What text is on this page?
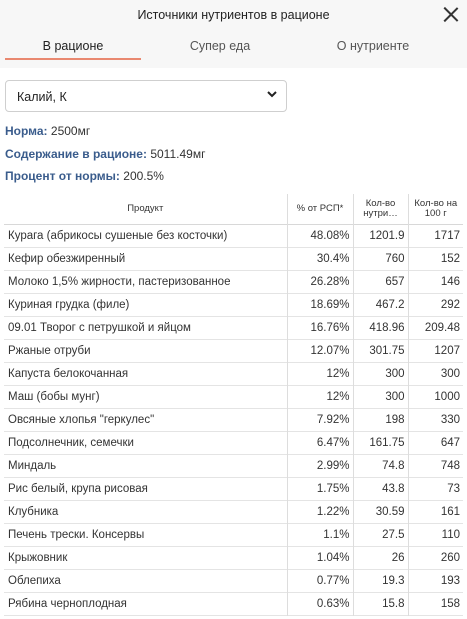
Источники нутриентов в рационе
В рационе	Супер еда	О нутриенте
Калий, К
Норма: 2500мг
Содержание в рационе: 5011.49мг
Процент от нормы: 200.5%
Продукт	% от РСП*	Кол-во нутри…	Кол-во на 100 г
Курага (абрикосы сушеные без косточки)	48.08%	1201.9	1717
Кефир обезжиренный	30.4%	760	152
Молоко 1,5% жирности, пастеризованное	26.28%	657	146
Куриная грудка (филе)	18.69%	467.2	292
09.01 Творог с петрушкой и яйцом	16.76%	418.96	209.48
Ржаные отруби	12.07%	301.75	1207
Капуста белокочанная	12%	300	300
Маш (бобы мунг)	12%	300	1000
Овсяные хлопья "геркулес"	7.92%	198	330
Подсолнечник, семечки	6.47%	161.75	647
Миндаль	2.99%	74.8	748
Рис белый, крупа рисовая	1.75%	43.8	73
Клубника	1.22%	30.59	161
Печень трески. Консервы	1.1%	27.5	110
Крыжовник	1.04%	26	260
Облепиха	0.77%	19.3	193
Рябина черноплодная	0.63%	15.8	158
